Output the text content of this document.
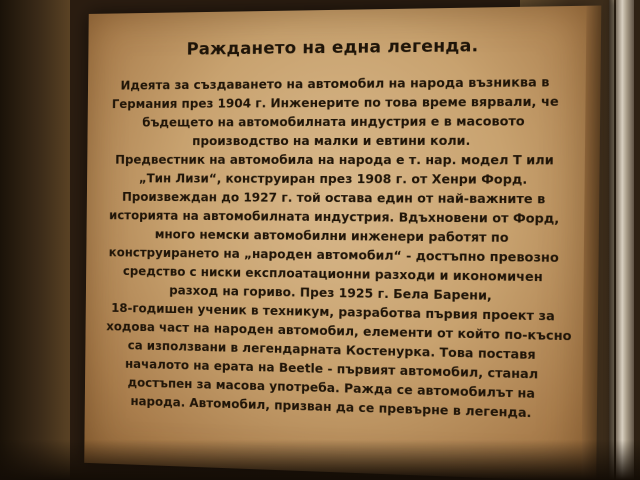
Раждането на една легенда.
Идеята за създаването на автомобил на народа възниква в
Германия през 1904 г. Инженерите по това време вярвали, че
бъдещето на автомобилната индустрия е в масовото
производство на малки и евтини коли.
Предвестник на автомобила на народа е т. нар. модел Т или
„Тин Лизи“, конструиран през 1908 г. от Хенри Форд.
Произвеждан до 1927 г. той остава един от най-важните в
историята на автомобилната индустрия. Вдъхновени от Форд,
много немски автомобилни инженери работят по
конструирането на „народен автомобил“ - достъпно превозно
средство с ниски експлоатационни разходи и икономичен
разход на гориво. През 1925 г. Бела Барени,
18-годишен ученик в техникум, разработва първия проект за
ходова част на народен автомобил, елементи от който по-късно
са използвани в легендарната Костенурка. Това поставя
началото на ерата на Beetle - първият автомобил, станал
достъпен за масова употреба. Ражда се автомобилът на
народа. Автомобил, призван да се превърне в легенда.
